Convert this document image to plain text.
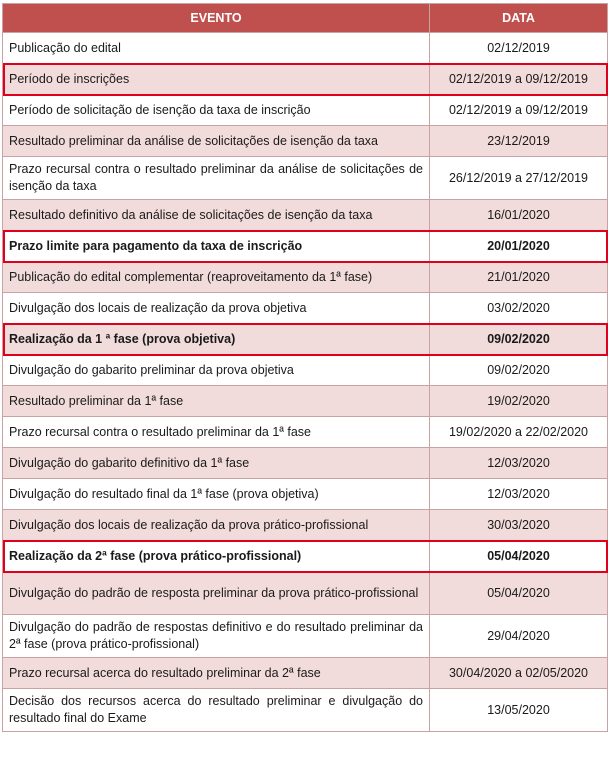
EVENTO	DATA
Publicação do edital	02/12/2019
Período de inscrições	02/12/2019 a 09/12/2019
Período de solicitação de isenção da taxa de inscrição	02/12/2019 a 09/12/2019
Resultado preliminar da análise de solicitações de isenção da taxa	23/12/2019
Prazo recursal contra o resultado preliminar da análise de solicitações de isenção da taxa	26/12/2019 a 27/12/2019
Resultado definitivo da análise de solicitações de isenção da taxa	16/01/2020
Prazo limite para pagamento da taxa de inscrição	20/01/2020
Publicação do edital complementar (reaproveitamento da 1ª fase)	21/01/2020
Divulgação dos locais de realização da prova objetiva	03/02/2020
Realização da 1 ª fase (prova objetiva)	09/02/2020
Divulgação do gabarito preliminar da prova objetiva	09/02/2020
Resultado preliminar da 1ª fase	19/02/2020
Prazo recursal contra o resultado preliminar da 1ª fase	19/02/2020 a 22/02/2020
Divulgação do gabarito definitivo da 1ª fase	12/03/2020
Divulgação do resultado final da 1ª fase (prova objetiva)	12/03/2020
Divulgação dos locais de realização da prova prático-profissional	30/03/2020
Realização da 2ª fase (prova prático-profissional)	05/04/2020
Divulgação do padrão de resposta preliminar da prova prático-profissional	05/04/2020
Divulgação do padrão de respostas definitivo e do resultado preliminar da 2ª fase (prova prático-profissional)	29/04/2020
Prazo recursal acerca do resultado preliminar da 2ª fase	30/04/2020 a 02/05/2020
Decisão dos recursos acerca do resultado preliminar e divulgação do resultado final do Exame	13/05/2020
